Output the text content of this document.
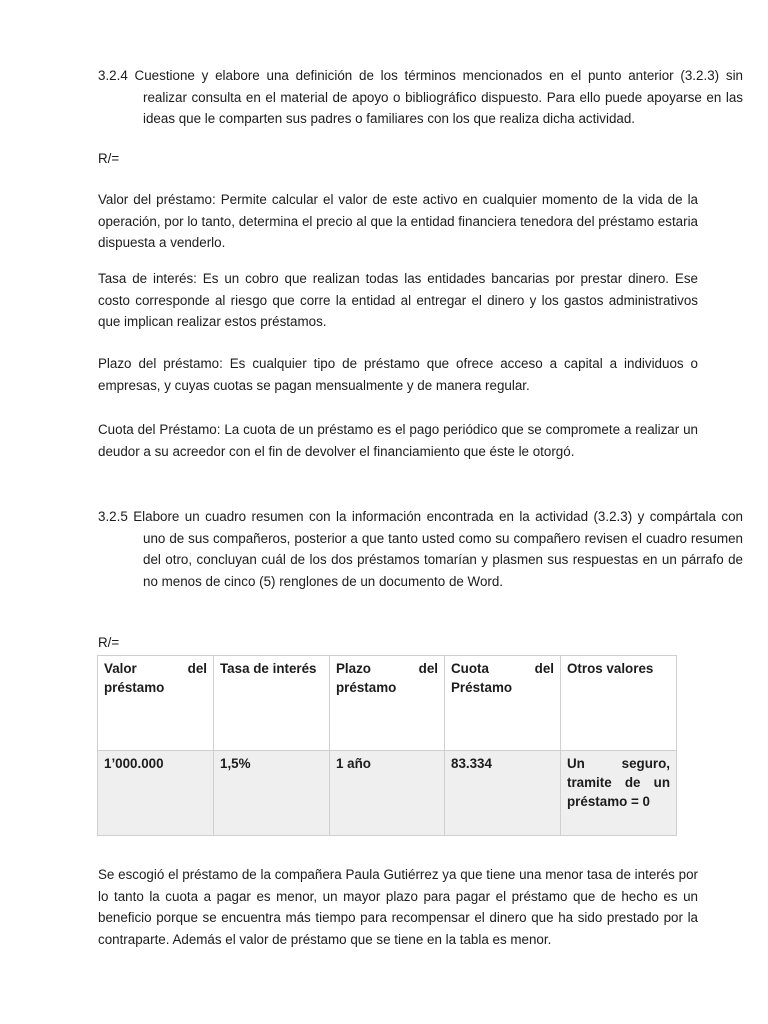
3.2.4 Cuestione y elabore una definición de los términos mencionados en el punto anterior (3.2.3) sin realizar consulta en el material de apoyo o bibliográfico dispuesto. Para ello puede apoyarse en las ideas que le comparten sus padres o familiares con los que realiza dicha actividad.
R/=
Valor del préstamo: Permite calcular el valor de este activo en cualquier momento de la vida de la operación, por lo tanto, determina el precio al que la entidad financiera tenedora del préstamo estaria dispuesta a venderlo.
Tasa de interés: Es un cobro que realizan todas las entidades bancarias por prestar dinero. Ese costo corresponde al riesgo que corre la entidad al entregar el dinero y los gastos administrativos que implican realizar estos préstamos.
Plazo del préstamo: Es cualquier tipo de préstamo que ofrece acceso a capital a individuos o empresas, y cuyas cuotas se pagan mensualmente y de manera regular.
Cuota del Préstamo: La cuota de un préstamo es el pago periódico que se compromete a realizar un deudor a su acreedor con el fin de devolver el financiamiento que éste le otorgó.
3.2.5 Elabore un cuadro resumen con la información encontrada en la actividad (3.2.3) y compártala con uno de sus compañeros, posterior a que tanto usted como su compañero revisen el cuadro resumen del otro, concluyan cuál de los dos préstamos tomarían y plasmen sus respuestas en un párrafo de no menos de cinco (5) renglones de un documento de Word.
R/=
Valor del préstamo	Tasa de interés	Plazo del préstamo	Cuota del Préstamo	Otros valores
1’000.000	1,5%	1 año	83.334	Un seguro, tramite de un préstamo = 0
Se escogió el préstamo de la compañera Paula Gutiérrez ya que tiene una menor tasa de interés por lo tanto la cuota a pagar es menor, un mayor plazo para pagar el préstamo que de hecho es un beneficio porque se encuentra más tiempo para recompensar el dinero que ha sido prestado por la contraparte. Además el valor de préstamo que se tiene en la tabla es menor.
